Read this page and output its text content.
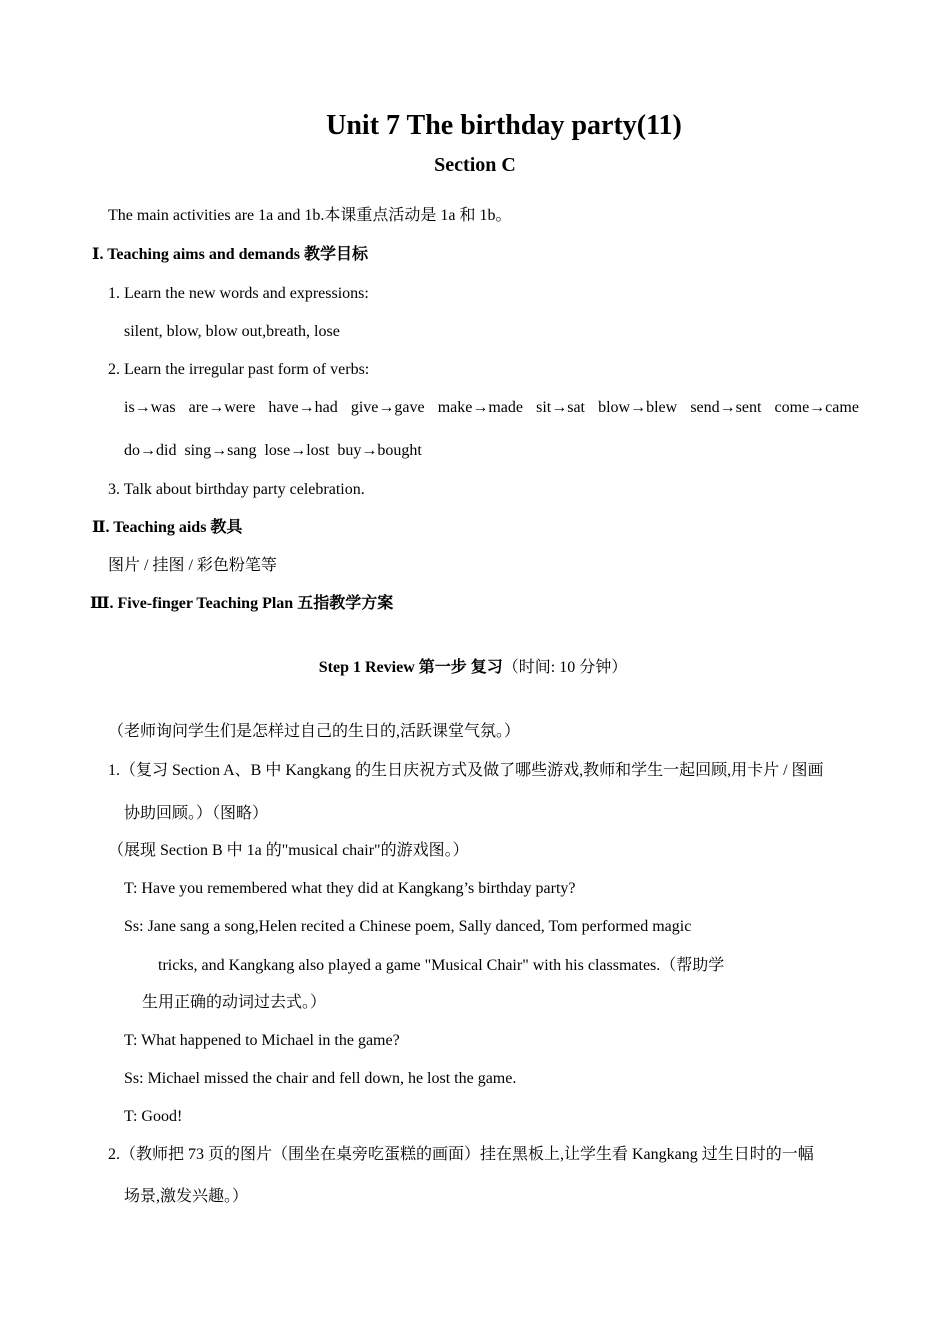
Unit 7 The birthday party(11)
Section C
The main activities are 1a and 1b.本课重点活动是 1a 和 1b。
Ⅰ. Teaching aims and demands 教学目标
1. Learn the new words and expressions:
silent, blow, blow out,breath, lose
2. Learn the irregular past form of verbs:
is→was are→were have→had give→gave make→made sit→sat blow→blew send→sent come→came
do→did sing→sang lose→lost buy→bought
3. Talk about birthday party celebration.
Ⅱ. Teaching aids 教具
图片 / 挂图 / 彩色粉笔等
Ⅲ. Five-finger Teaching Plan 五指教学方案
Step 1 Review 第一步 复习（时间: 10 分钟）
（老师询问学生们是怎样过自己的生日的,活跃课堂气氛。）
1.（复习 Section A、B 中 Kangkang 的生日庆祝方式及做了哪些游戏,教师和学生一起回顾,用卡片 / 图画
协助回顾。）（图略）
（展现 Section B 中 1a 的"musical chair"的游戏图。）
T: Have you remembered what they did at Kangkang’s birthday party?
Ss: Jane sang a song,Helen recited a Chinese poem, Sally danced, Tom performed magic
tricks, and Kangkang also played a game "Musical Chair" with his classmates.（帮助学
生用正确的动词过去式。）
T: What happened to Michael in the game?
Ss: Michael missed the chair and fell down, he lost the game.
T: Good!
2.（教师把 73 页的图片（围坐在桌旁吃蛋糕的画面）挂在黑板上,让学生看 Kangkang 过生日时的一幅
场景,激发兴趣。）
